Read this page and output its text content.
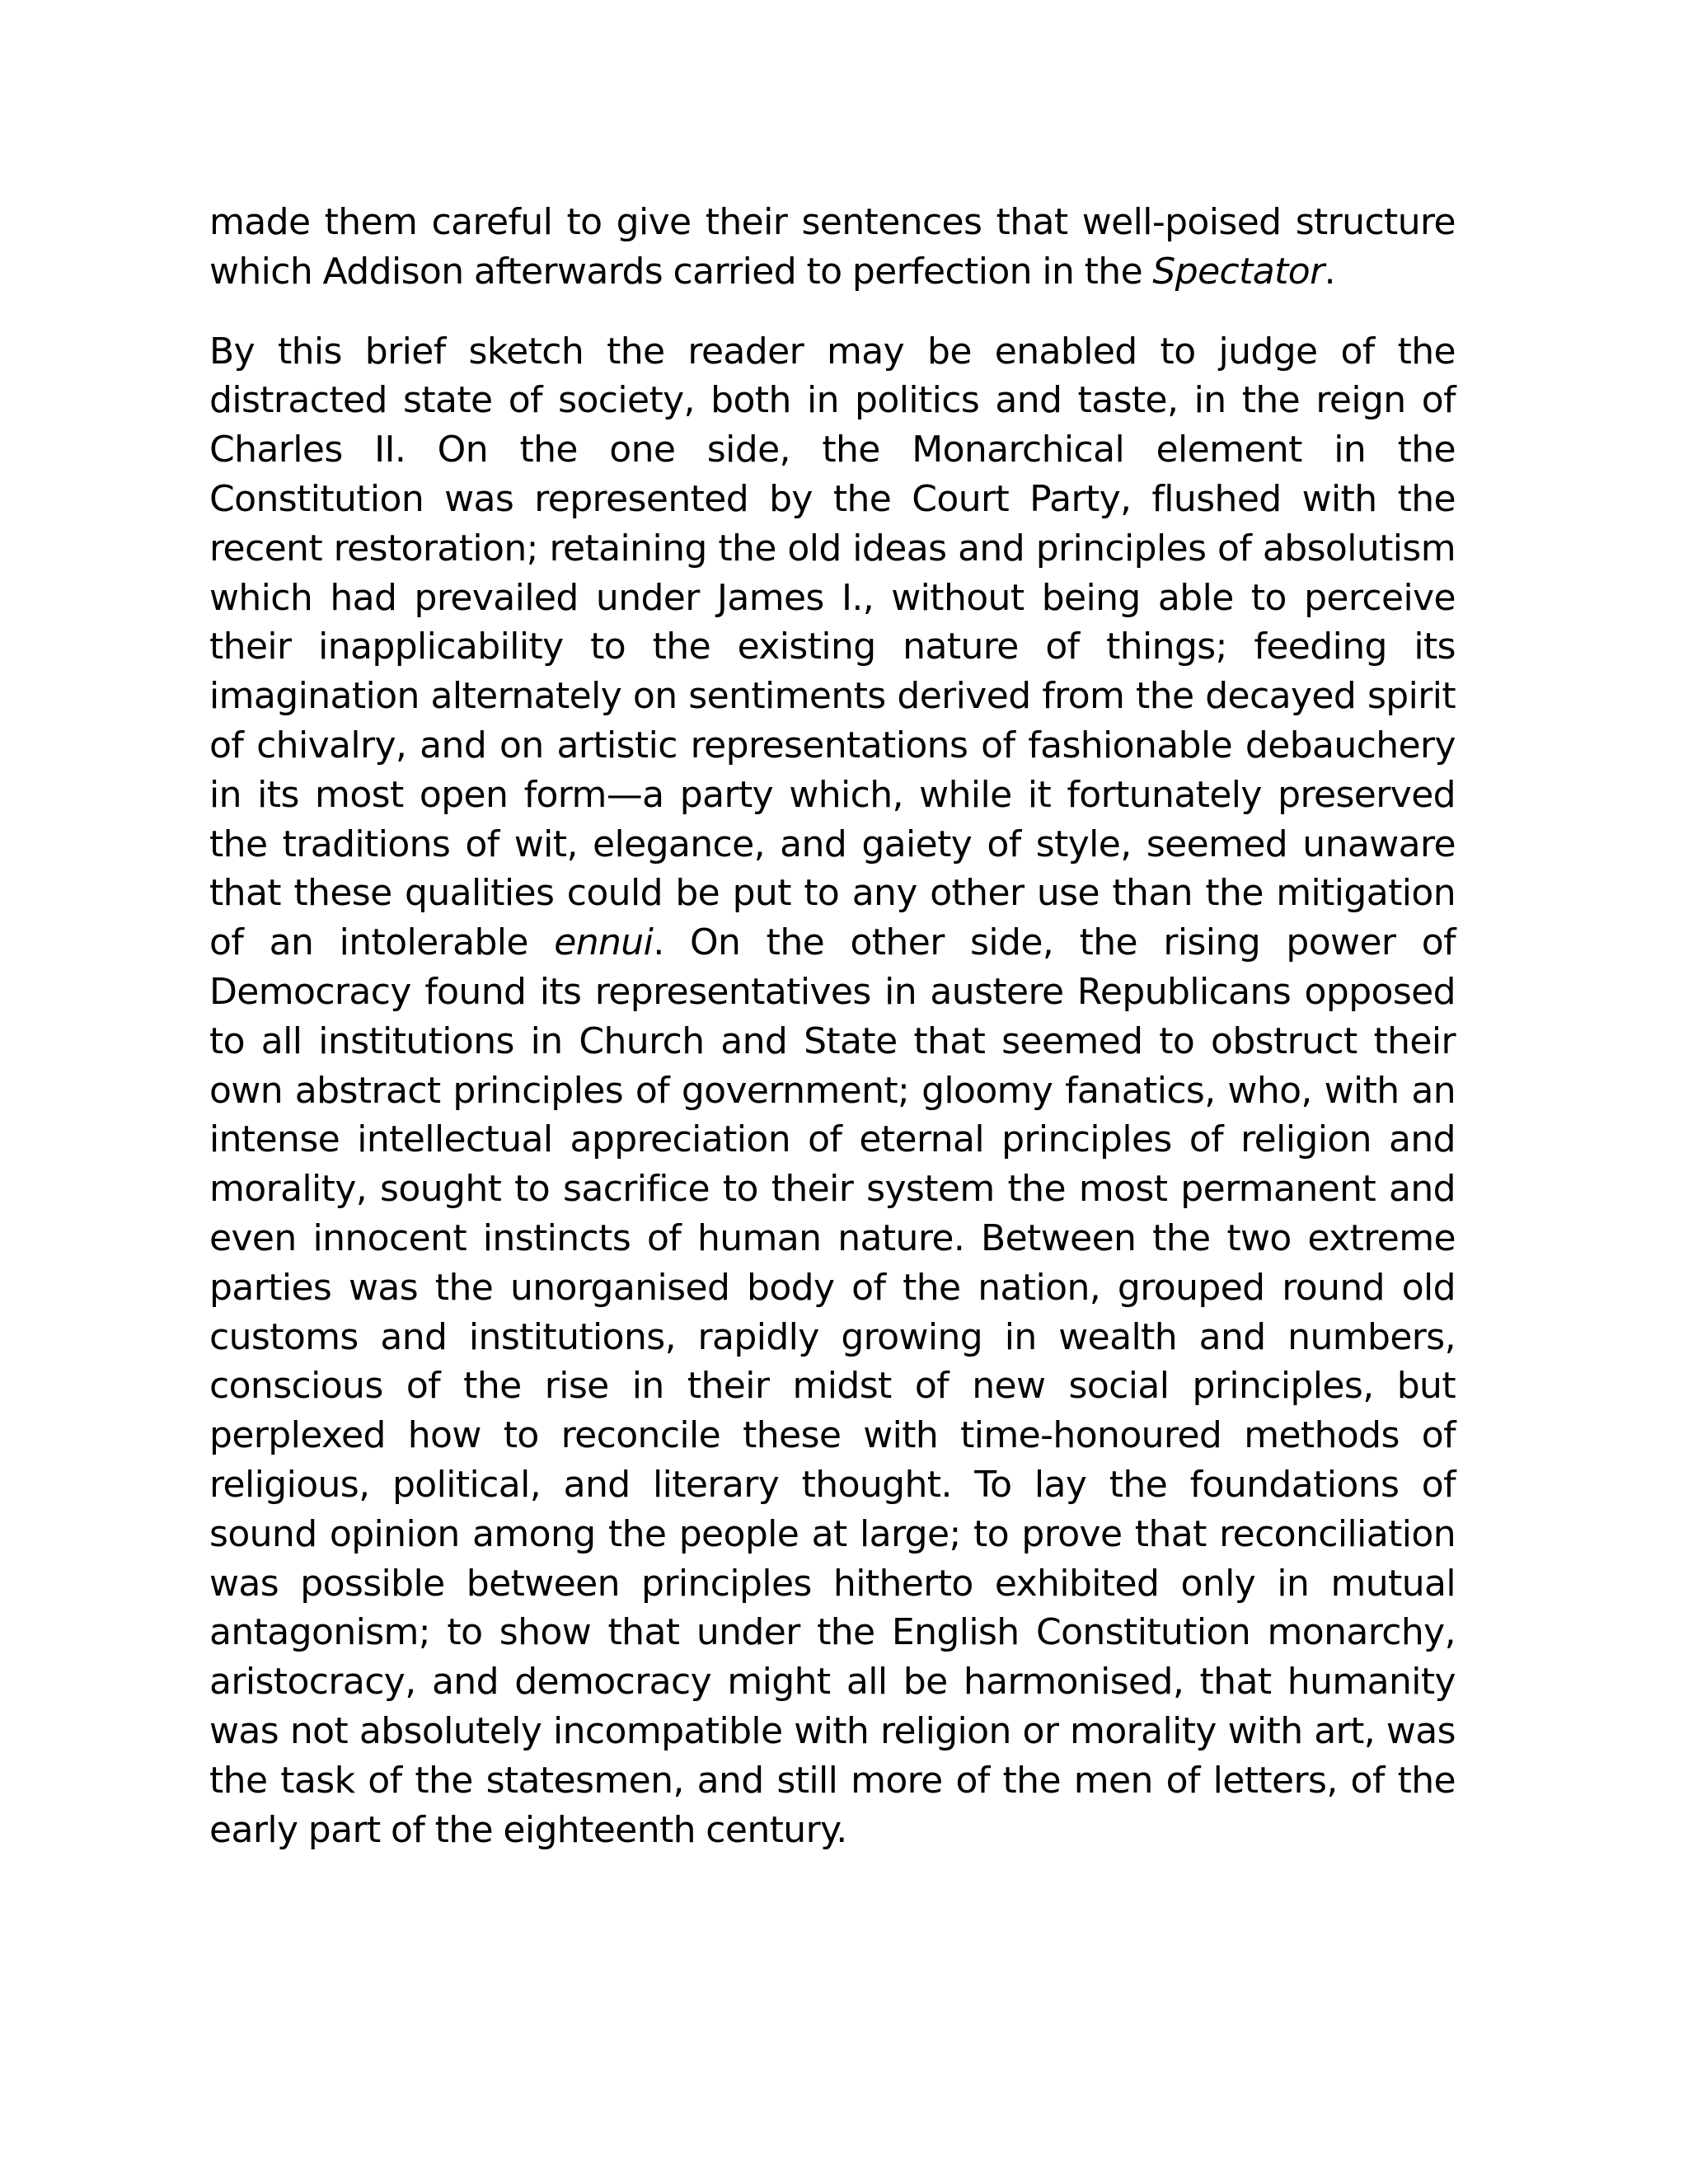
made them careful to give their sentences that well-poised structure which Addison afterwards carried to perfection in the Spectator.

By this brief sketch the reader may be enabled to judge of the distracted state of society, both in politics and taste, in the reign of Charles II. On the one side, the Monarchical element in the Constitution was represented by the Court Party, flushed with the recent restoration; retaining the old ideas and principles of absolutism which had prevailed under James I., without being able to perceive their inapplicability to the existing nature of things; feeding its imagination alternately on sentiments derived from the decayed spirit of chivalry, and on artistic representations of fashionable debauchery in its most open form—a party which, while it fortunately preserved the traditions of wit, elegance, and gaiety of style, seemed unaware that these qualities could be put to any other use than the mitigation of an intolerable ennui. On the other side, the rising power of Democracy found its representatives in austere Republicans opposed to all institutions in Church and State that seemed to obstruct their own abstract principles of government; gloomy fanatics, who, with an intense intellectual appreciation of eternal principles of religion and morality, sought to sacrifice to their system the most permanent and even innocent instincts of human nature. Between the two extreme parties was the unorganised body of the nation, grouped round old customs and institutions, rapidly growing in wealth and numbers, conscious of the rise in their midst of new social principles, but perplexed how to reconcile these with time-honoured methods of religious, political, and literary thought. To lay the foundations of sound opinion among the people at large; to prove that reconciliation was possible between principles hitherto exhibited only in mutual antagonism; to show that under the English Constitution monarchy, aristocracy, and democracy might all be harmonised, that humanity was not absolutely incompatible with religion or morality with art, was the task of the statesmen, and still more of the men of letters, of the early part of the eighteenth century.
